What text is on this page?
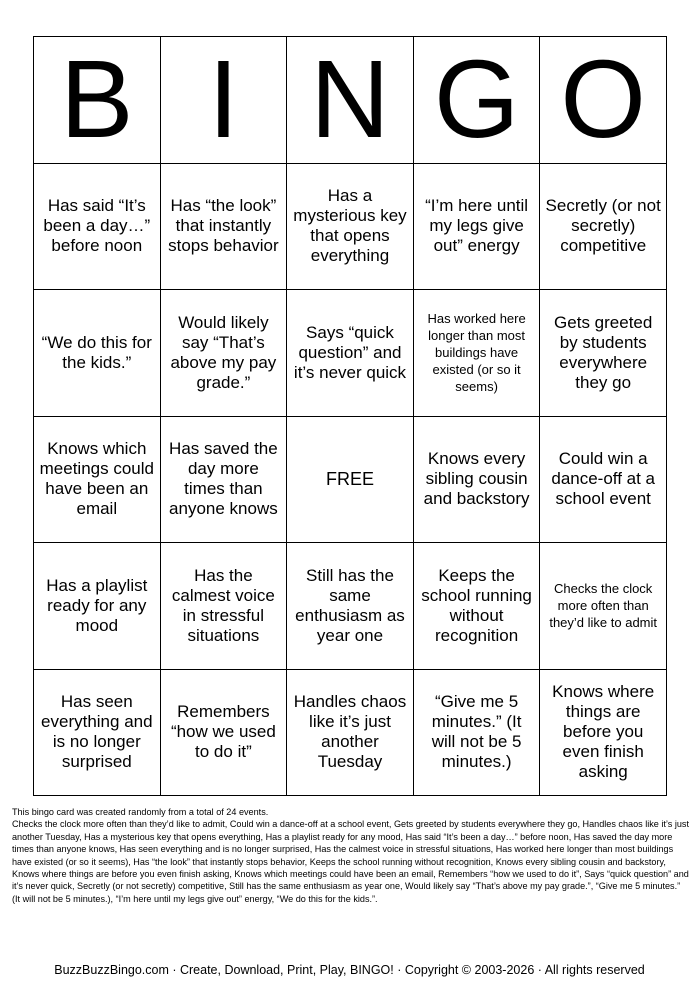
B I N G O
Has said “It’s been a day…” before noon
Has “the look” that instantly stops behavior
Has a mysterious key that opens everything
“I’m here until my legs give out” energy
Secretly (or not secretly) competitive
“We do this for the kids.”
Would likely say “That’s above my pay grade.”
Says “quick question” and it’s never quick
Has worked here longer than most buildings have existed (or so it seems)
Gets greeted by students everywhere they go
Knows which meetings could have been an email
Has saved the day more times than anyone knows
FREE
Knows every sibling cousin and backstory
Could win a dance-off at a school event
Has a playlist ready for any mood
Has the calmest voice in stressful situations
Still has the same enthusiasm as year one
Keeps the school running without recognition
Checks the clock more often than they’d like to admit
Has seen everything and is no longer surprised
Remembers “how we used to do it”
Handles chaos like it’s just another Tuesday
“Give me 5 minutes.” (It will not be 5 minutes.)
Knows where things are before you even finish asking
This bingo card was created randomly from a total of 24 events.
Checks the clock more often than they’d like to admit, Could win a dance-off at a school event, Gets greeted by students everywhere they go, Handles chaos like it’s just another Tuesday, Has a mysterious key that opens everything, Has a playlist ready for any mood, Has said “It’s been a day…” before noon, Has saved the day more times than anyone knows, Has seen everything and is no longer surprised, Has the calmest voice in stressful situations, Has worked here longer than most buildings have existed (or so it seems), Has “the look” that instantly stops behavior, Keeps the school running without recognition, Knows every sibling cousin and backstory, Knows where things are before you even finish asking, Knows which meetings could have been an email, Remembers “how we used to do it”, Says “quick question” and it’s never quick, Secretly (or not secretly) competitive, Still has the same enthusiasm as year one, Would likely say “That’s above my pay grade.”, “Give me 5 minutes.” (It will not be 5 minutes.), “I’m here until my legs give out” energy, “We do this for the kids.”.
BuzzBuzzBingo.com · Create, Download, Print, Play, BINGO! · Copyright © 2003-2026 · All rights reserved
